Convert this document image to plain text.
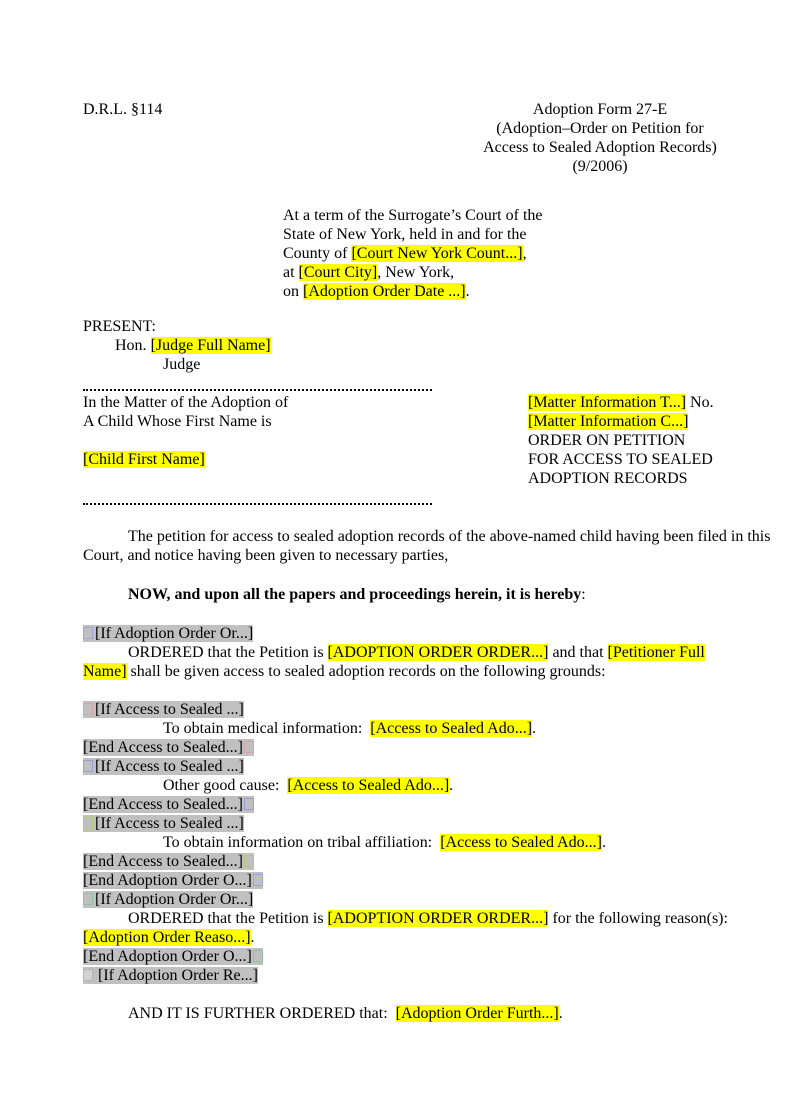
D.R.L. §114	Adoption Form 27-E
(Adoption–Order on Petition for
Access to Sealed Adoption Records)
(9/2006)
At a term of the Surrogate’s Court of the
State of New York, held in and for the
County of [Court New York Count...],
at [Court City], New York,
on [Adoption Order Date ...].
PRESENT:
Hon. [Judge Full Name]
Judge
In the Matter of the Adoption of
A Child Whose First Name is
[Child First Name]
[Matter Information T...] No.
[Matter Information C...]
ORDER ON PETITION
FOR ACCESS TO SEALED
ADOPTION RECORDS
The petition for access to sealed adoption records of the above-named child having been filed in this Court, and notice having been given to necessary parties,
NOW, and upon all the papers and proceedings herein, it is hereby:
[If Adoption Order Or...]
ORDERED that the Petition is [ADOPTION ORDER ORDER...] and that [Petitioner Full
Name] shall be given access to sealed adoption records on the following grounds:
[If Access to Sealed ...]
To obtain medical information:  [Access to Sealed Ado...].
[End Access to Sealed...]
[If Access to Sealed ...]
Other good cause:  [Access to Sealed Ado...].
[End Access to Sealed...]
[If Access to Sealed ...]
To obtain information on tribal affiliation:  [Access to Sealed Ado...].
[End Access to Sealed...]
[End Adoption Order O...]
[If Adoption Order Or...]
ORDERED that the Petition is [ADOPTION ORDER ORDER...] for the following reason(s):
[Adoption Order Reaso...].
[End Adoption Order O...]
[If Adoption Order Re...]
AND IT IS FURTHER ORDERED that:  [Adoption Order Furth...].
